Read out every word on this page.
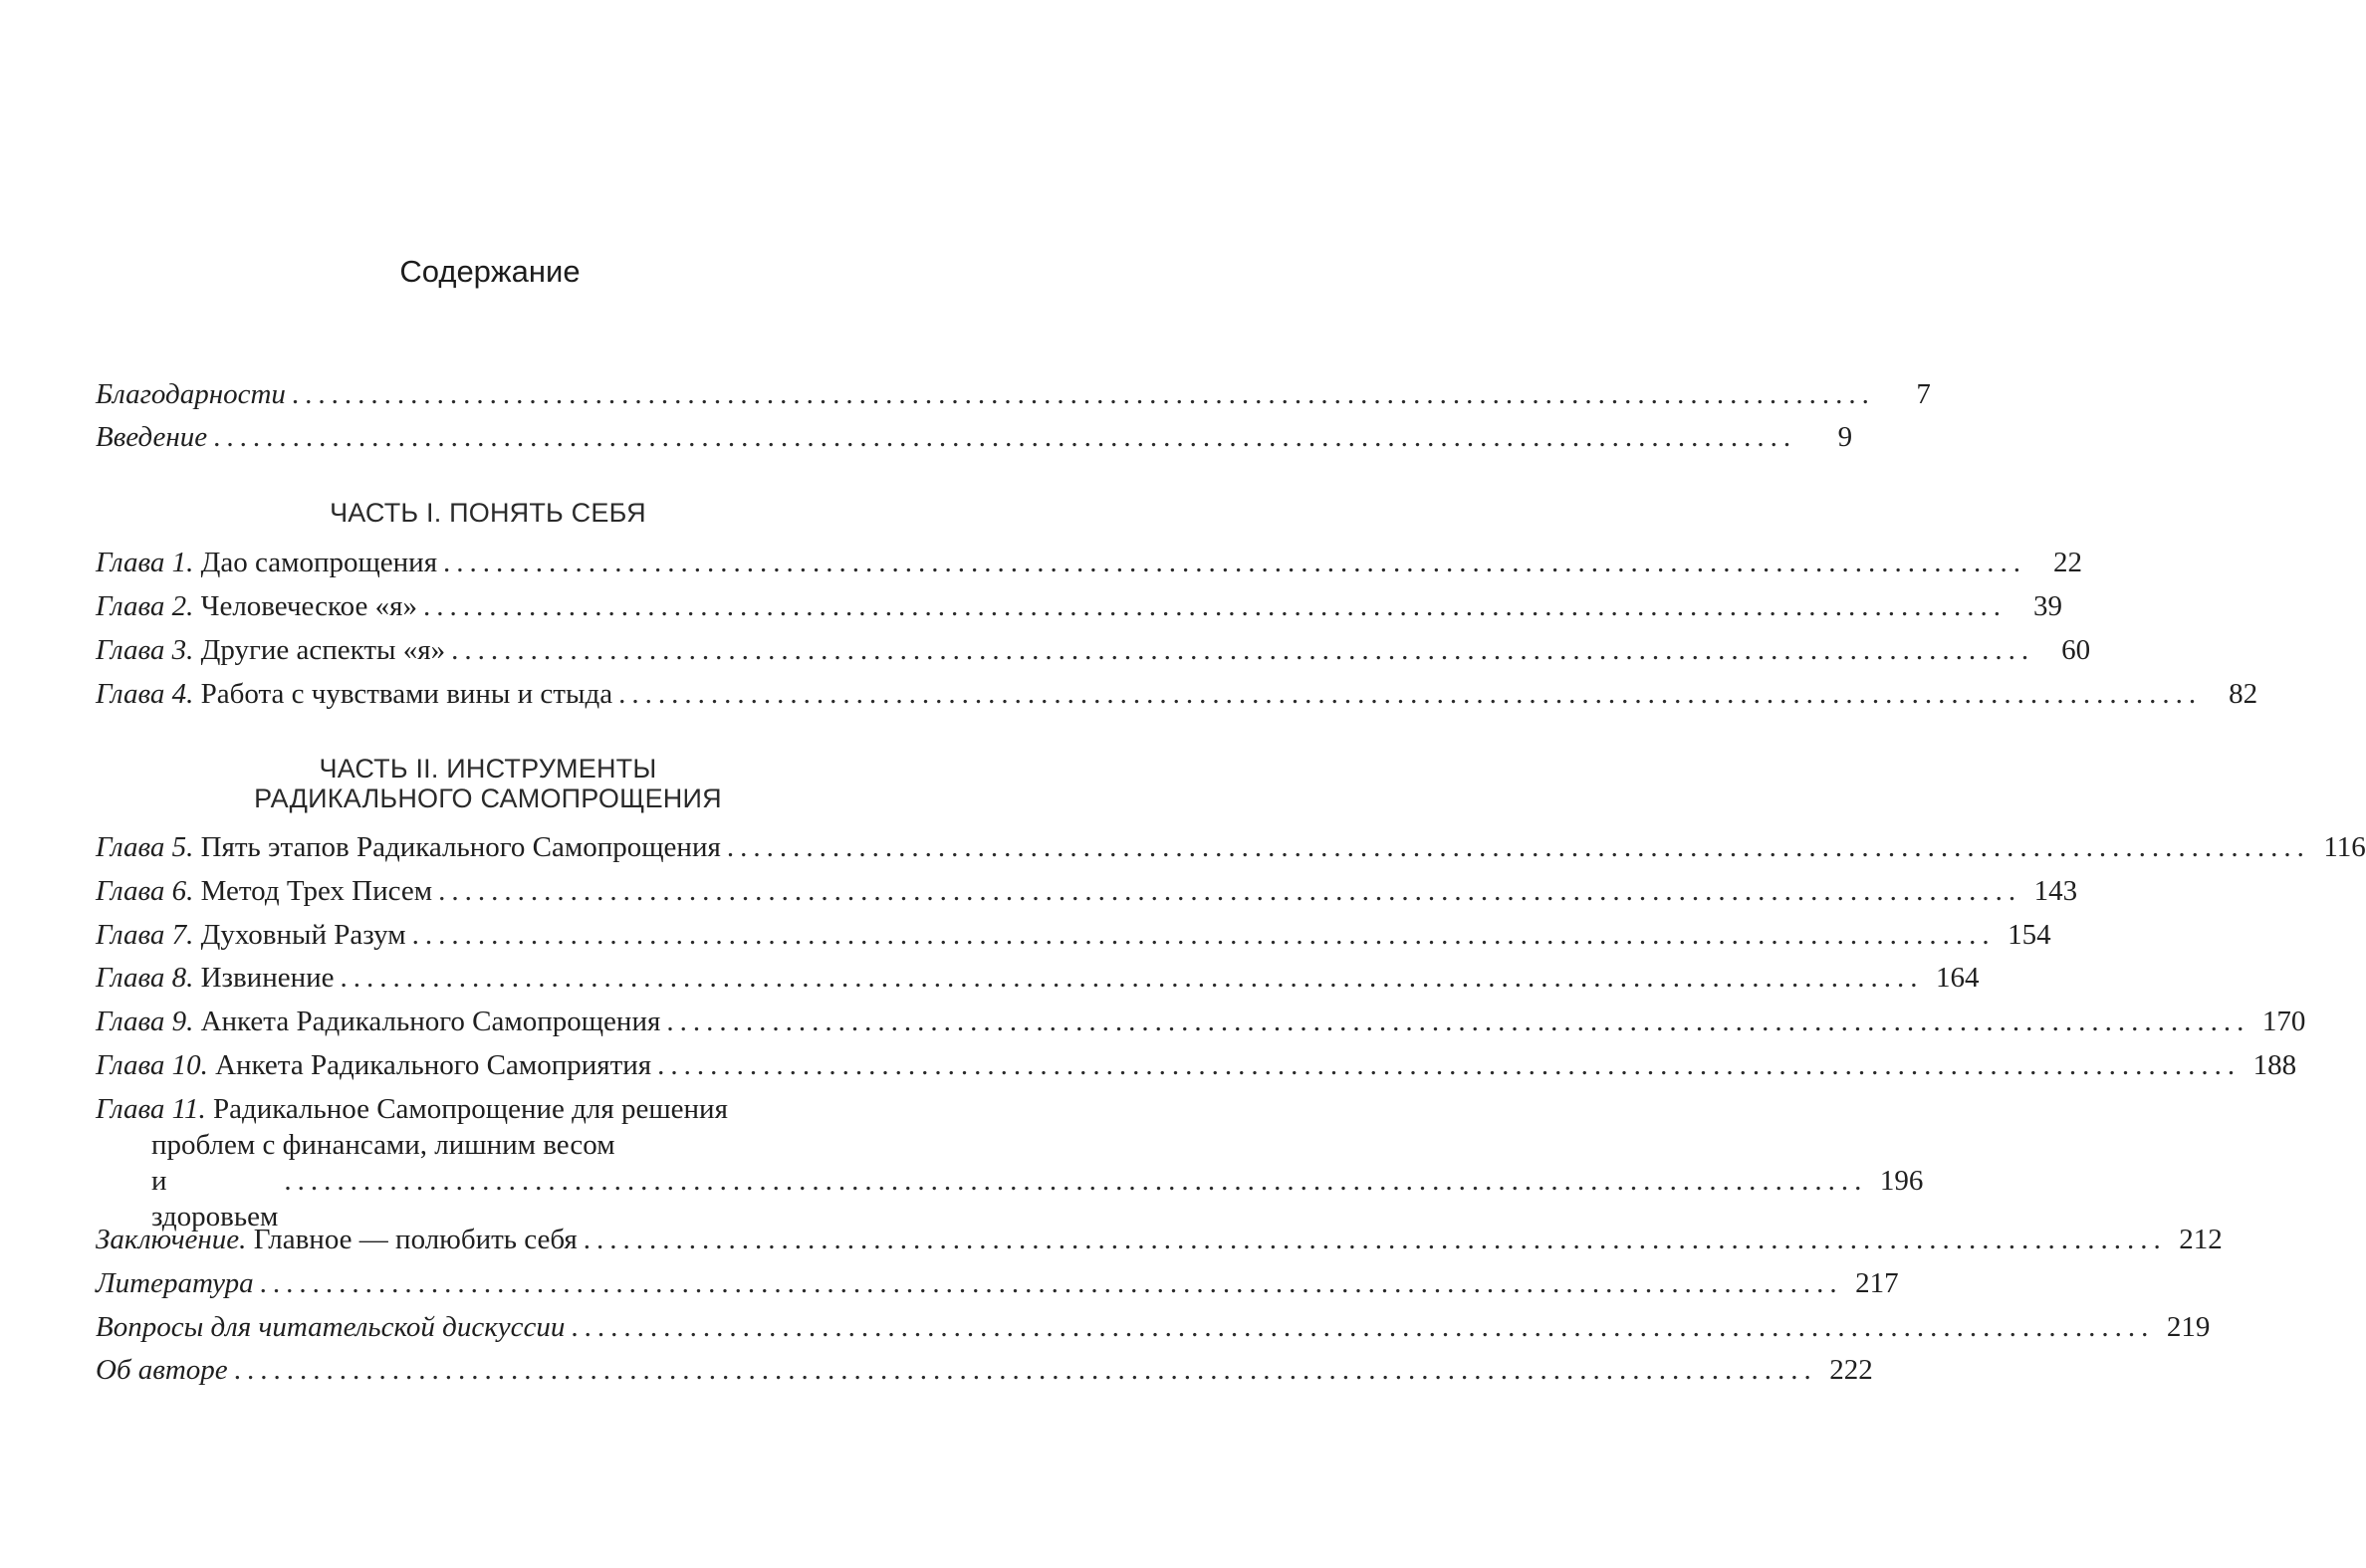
Содержание
Благодарности ........................................................................................................................	7
Введение ........................................................................................................................	9
ЧАСТЬ I. ПОНЯТЬ СЕБЯ
Глава 1. Дао самопрощения ........................................................................................................................ 22
Глава 2. Человеческое «я» ........................................................................................................................ 39
Глава 3. Другие аспекты «я» ........................................................................................................................ 60
Глава 4. Работа с чувствами вины и стыда ........................................................................................................................ 82
ЧАСТЬ II. ИНСТРУМЕНТЫ
РАДИКАЛЬНОГО САМОПРОЩЕНИЯ
Глава 5. Пять этапов Радикального Самопрощения ........................................................................................................................ 116
Глава 6. Метод Трех Писем ........................................................................................................................ 143
Глава 7. Духовный Разум ........................................................................................................................ 154
Глава 8. Извинение ........................................................................................................................ 164
Глава 9. Анкета Радикального Самопрощения ........................................................................................................................ 170
Глава 10. Анкета Радикального Самоприятия ........................................................................................................................ 188
Глава 11. Радикальное Самопрощение для решения
проблем с финансами, лишним весом
и здоровьем
........................................................................................................................ 196
Заключение. Главное — полюбить себя ........................................................................................................................ 212
Литература ........................................................................................................................ 217
Вопросы для читательской дискуссии ........................................................................................................................ 219
Об авторе ........................................................................................................................ 222
